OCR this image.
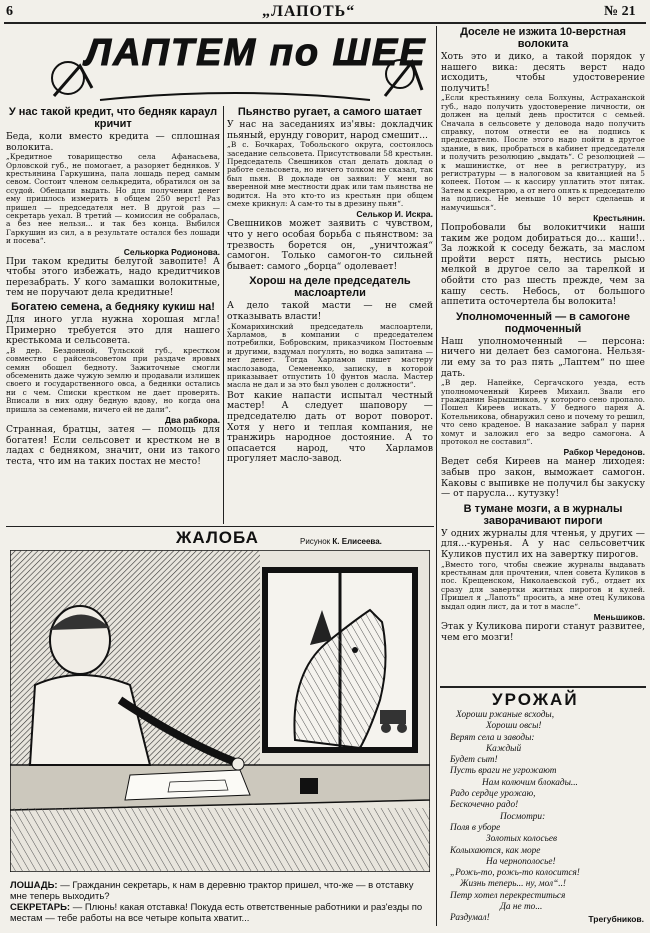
6	„ЛАПОТЬ“	№ 21
ЛАПТЕМ по ШЕЕ

У нас такой кредит, что бедняк караул кричит

Беда, коли вместо кредита — сплошная волокита.

„Кредитное товарищество села Афанасьева, Орловской губ., не помогает, а разоряет бедняков. У крестьянина Гаркушина, пала лошадь перед самым севом. Состоит членом селькредита, обратился он за ссудой. Обещали выдать. Но для получения денег ему пришлось измерить в общем 250 верст! Раз пришел — председателя нет. В другой раз — секретарь уехал. В третий — комиссия не собралась, а без нее нельзя... и так без конца. Выбился Гаркушин из сил, а в результате остался без лошади и посева“.

Селькорка Родионова.

При таком кредиты белугой завопите! А чтобы этого избежать, надо кредитчиков перезабрать. У кого замашки волокитные, тем не поручают дела кредитные!

Богатею семена, а бедняку кукиш на!

Для иного угла нужна хорошая мгла! Примерно требуется это для нашего крестькома и сельсовета.

„В дер. Бездонной, Тульской губ., крестком совместно с райсельсоветом при раздаче яровых семян обошел бедноту. Зажиточные смогли обсеменить даже чужую землю и продавали излишек своего и государственного овса, а бедняки остались ни с чем. Списки крестком не дает проверять. Вписали в них одну бедную вдову, но когда она пришла за семенами, ничего ей не дали“.

Два рабкора.

Странная, братцы, затея — помощь для богатея! Если сельсовет и крестком не в ладах с бедняком, значит, они из такого теста, что им на таких постах не место!

Пьянство ругает, а самого шатает

У нас на заседаниях из'явы: докладчик пьяный, ерунду говорит, народ смешит...

„В с. Бочкарах, Тобольского округа, состоялось заседание сельсовета. Присутствовали 58 крестьян. Председатель Свешников стал делать доклад о работе сельсовета, но ничего толком не сказал, так был пьян. В докладе он заявил: У меня во вверенной мне местности драк или там пьянства не водится. На это кто-то из крестьян при общем смехе крикнул: А сам-то ты в дрезину пьян“.

Селькор И. Искра.

Свешников может заявить с чувством, что у него особая борьба с пьянством: за трезвость борется он, „уничтожая“ самогон. Только самогон-то сильней бывает: самого „борца“ одолевает!

Хорош на деле председатель маслоартели

А дело такой масти — не смей отказывать власти!

„Комарихинский председатель маслоартели, Харламов, в компании с председателем потребилки, Бобровским, приказчиком Постоевым и другими, вздумал погулять, но водка запитана — нет денег. Тогда Харламов пишет мастеру маслозавода, Семененко, записку, в которой приказывает отпустить 10 фунтов масла. Мастер масла не дал и за это был уволен с должности“.

Вот какие напасти испытал честный мастер! А следует шаповору — председателю дать от ворот поворот. Хотя у него и теплая компания, не транжирь народное достояние. А то опасается народ, что Харламов прогуляет масло-завод.

Доселе не изжита 10-верстная волокита

Хоть это и дико, а такой порядок у нашего вика: десять верст надо исходить, чтобы удостоверение получить!

„Если крестьянину села Болхуны, Астраханской губ., надо получить удостоверение личности, он должен на целый день простится с семьей. Сначала в сельсовете у деловода надо получить справку, потом отнести ее на подпись к председателю. После этого надо пойти в другое здание, в вик, пробраться в кабинет председателя и получить резолюцию „выдать“. С резолюцией — к машинистке, от нее в регистратуру, из регистратуры — в налоговом за квитанцией на 5 копеек. Потом — к кассиру уплатить этот пятак. Затем к секретарю, а от него опять к председателю на подпись. Не меньше 10 верст сделаешь и намучишься“.

Крестьянин.

Попробовали бы волокитчики наши таким же родом добираться до... каши!.. За ложкой к соседу бежать, за маслом пройти верст пять, нестись рысью мелкой в другое село за тарелкой и обойти сто раз шесть прежде, чем за кашу сесть. Небось, от большого аппетита осточертела бы волокита!

Уполномоченный — в самогоне подмоченный

Наш уполномоченный — персона: ничего ни делает без самогона. Нельзя-ли ему за то раз пять „Лаптем“ по шее дать.

„В дер. Напейке, Сергачского уезда, есть уполномоченный Киреев Михаил. Звали его гражданин Барышников, у которого сено пропало. Пошел Киреев искать. У бедного парня А. Котельникова, обнаружил сено и почему то решил, что сено краденое. В наказание забрал у парня хомут и заложил его за ведро самогона. А протокол не составил“.

Рабкор Чередонов.

Ведет себя Киреев на манер лиходея: забыв про закон, выможает самогон. Каковы с выпивке не получил бы закуску — от парусла... кутузку!

В тумане мозги, а в журналы заворачивают пироги

У одних журналы для чтенья, у других — для...-куренья. А у нас сельсоветчик Куликов пустил их на завертку пирогов.

„Вместо того, чтобы свежие журналы выдавать крестьянам для прочтения, член совета Куликов в пос. Крещенском, Николаевской губ., отдает их сразу для завертки житных пирогов и кулей. Пришел я „Лапоть“ просить, а мне отец Куликова выдал один лист, да и тот в масле“.

Меньшиков.

Этак у Куликова пироги станут развитее, чем его мозги!

ЖАЛОБА	Рисунок К. Елисеева.

ЛОШАДЬ: — Гражданин секретарь, к нам в деревню трактор пришел, что-же — в отставку мне теперь выходить?

СЕКРЕТАРЬ: — Плюнь! какая отставка! Покуда есть ответственные работники и раз'езды по местам — тебе работы на все четыре копыта хватит...

УРОЖАЙ

Хороши ржаные всходы,

Хороши овсы!

Верят села и заводы:

Каждый

Будет сыт!

Пусть враги не угрожают

Нам колючим блокады...

Радо сердце урожаю,

Бескочечно радо!

Посмотри:

Поля в уборе

Золотых колосьев

Колыхаются, как море

На чернополосье!

„Рожь-то, рожь-то колосится!

Жизнь теперь... ну, мол“..!

Петр хотел перекреститься

Да не то...

Раздумал!	Трегубников.
